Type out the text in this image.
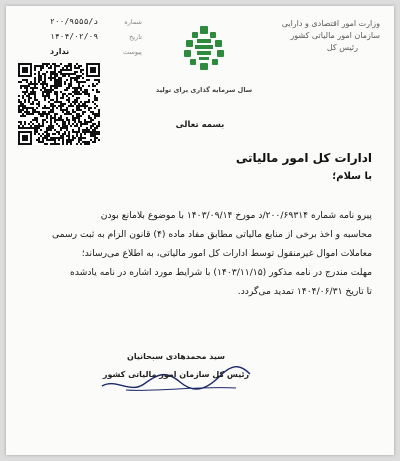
وزارت امور اقتصادی و دارایی
سازمان امور مالیاتی کشور
رئیس کل
سال سرمایه گذاری برای تولید
شماره
۲۰۰/۹۵۵۵/د
تاریخ
۱۴۰۴/۰۲/۰۹
پیوست
ندارد
بسمه تعالی
ادارات کل امور مالیاتی
با سلام؛

پیرو نامه شماره ۲۰۰/۶۹۳۱۴/د مورخ ۱۴۰۳/۰۹/۱۴ با موضوع بلامانع بودن

محاسبه و اخذ برخی از منابع مالیاتی مطابق مفاد ماده (۴) قانون الزام به ثبت رسمی

معاملات اموال غیرمنقول توسط ادارات کل امور مالیاتی، به اطلاع می‌رساند؛

مهلت مندرج در نامه مذکور (۱۴۰۳/۱۱/۱۵) با شرایط مورد اشاره در نامه یادشده

تا تاریخ ۱۴۰۴/۰۶/۳۱ تمدید می‌گردد.

سید محمدهادی سبحانیان
رئیس کل سازمان امور مالیاتی کشور
